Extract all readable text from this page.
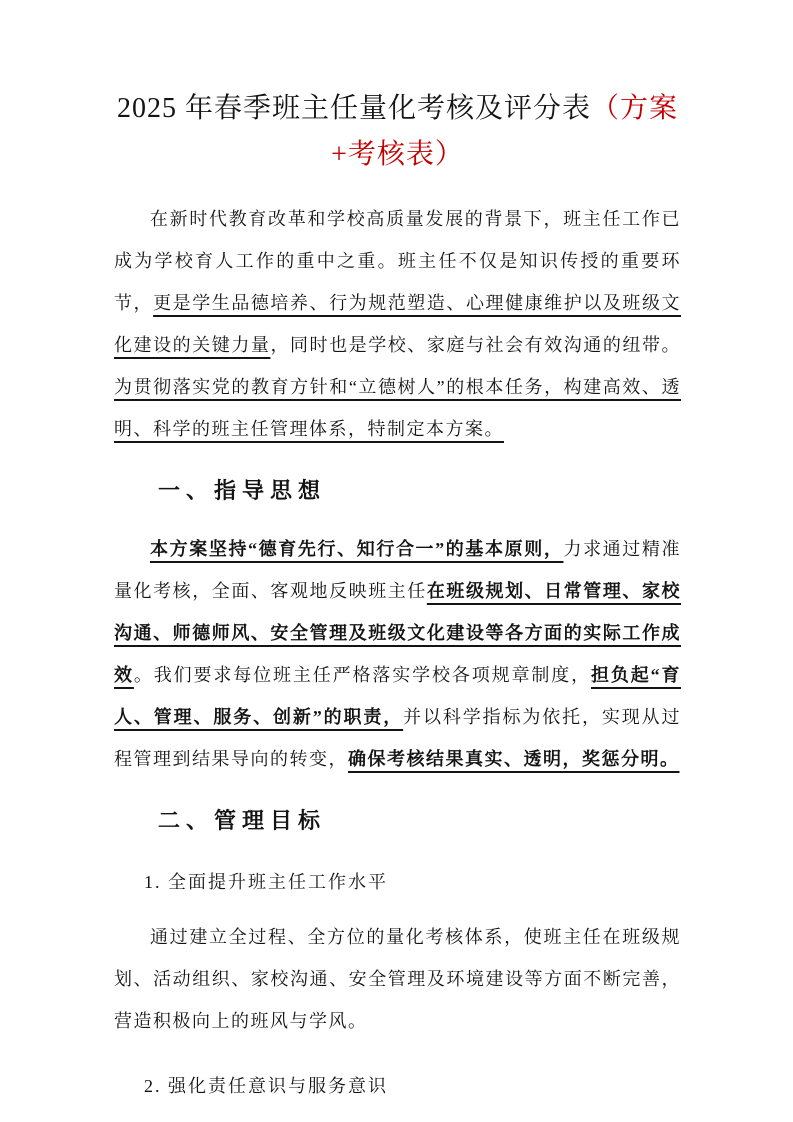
2025 年春季班主任量化考核及评分表（方案+考核表）
在新时代教育改革和学校高质量发展的背景下，班主任工作已成为学校育人工作的重中之重。班主任不仅是知识传授的重要环节，更是学生品德培养、行为规范塑造、心理健康维护以及班级文化建设的关键力量，同时也是学校、家庭与社会有效沟通的纽带。为贯彻落实党的教育方针和“立德树人”的根本任务，构建高效、透明、科学的班主任管理体系，特制定本方案。
一、指导思想
本方案坚持“德育先行、知行合一”的基本原则，力求通过精准量化考核，全面、客观地反映班主任在班级规划、日常管理、家校沟通、师德师风、安全管理及班级文化建设等各方面的实际工作成效。我们要求每位班主任严格落实学校各项规章制度，担负起“育人、管理、服务、创新”的职责，并以科学指标为依托，实现从过程管理到结果导向的转变，确保考核结果真实、透明，奖惩分明。
二、管理目标
1. 全面提升班主任工作水平
通过建立全过程、全方位的量化考核体系，使班主任在班级规划、活动组织、家校沟通、安全管理及环境建设等方面不断完善，营造积极向上的班风与学风。
2. 强化责任意识与服务意识
